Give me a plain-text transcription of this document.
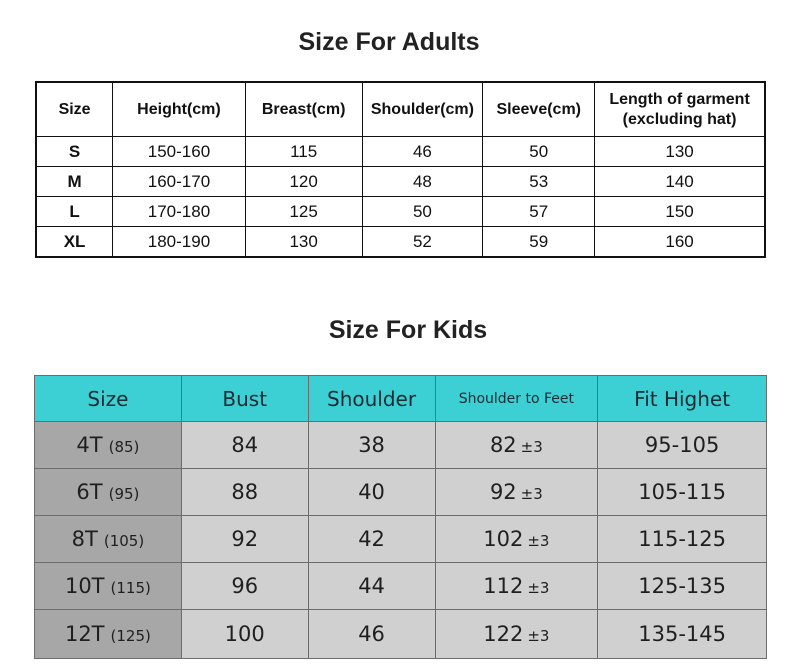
Size For Adults
Size	Height(cm)	Breast(cm)	Shoulder(cm)	Sleeve(cm)	Length of garment
(excluding hat)

S	150-160	115	46	50	130
M	160-170	120	48	53	140
L	170-180	125	50	57	150
XL	180-190	130	52	59	160
Size For Kids
Size	Bust	Shoulder	Shoulder to Feet	Fit Highet
4T (85)	84	38	82 ±3	95-105
6T (95)	88	40	92 ±3	105-115
8T (105)	92	42	102 ±3	115-125
10T (115)	96	44	112 ±3	125-135
12T (125)	100	46	122 ±3	135-145
